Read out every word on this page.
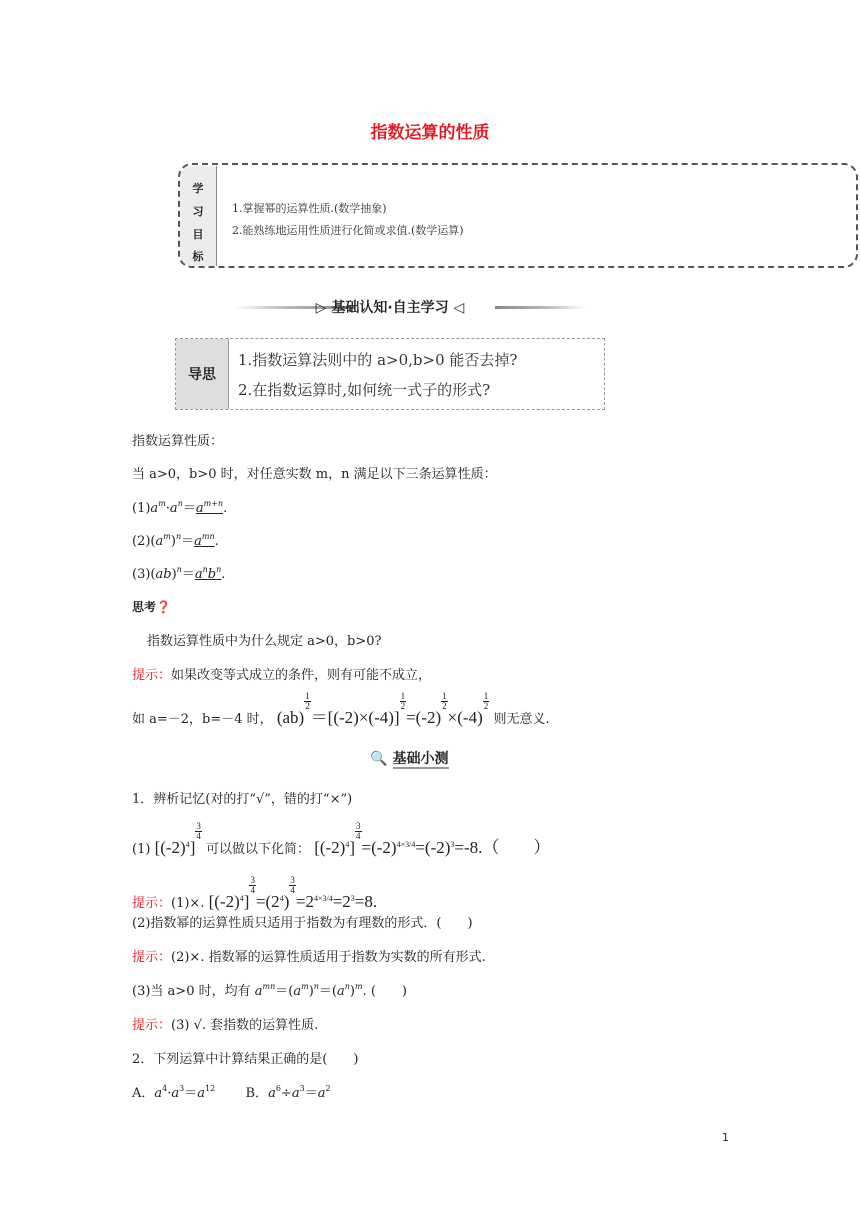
指数运算的性质
学
习
目
标
1.掌握幂的运算性质.(数学抽象)
2.能熟练地运用性质进行化简或求值.(数学运算)
▷ 基础认知·自主学习 ◁
导思
1.指数运算法则中的 a>0,b>0 能否去掉?
2.在指数运算时,如何统一式子的形式?
指数运算性质：
当 a>0，b>0 时，对任意实数 m，n 满足以下三条运算性质：
$(1)a^m\cdot a^n=a^{m+n}$.
$(2)(a^m)^n=a^{mn}$.
$(3)(ab)^n=a^nb^n$.
思考❓
指数运算性质中为什么规定 a>0，b>0?
提示：如果改变等式成立的条件，则有可能不成立，
如 a=－2，b=－4 时， (ab)
$\frac{1}{2}$
＝[(-2)×(-4)]
$\frac{1}{2}$
=(-2)
$\frac{1}{2}$
×(-4)
$\frac{1}{2}$
则无意义.
🔍 基础小测
1．辨析记忆(对的打“√”，错的打“×”)
(1) $[(-2)^4]$
$\frac{3}{4}$
可以做以下化简： $[(-2)^4]$
$\frac{3}{4}$
$=(-2)^{4\times 3/4}=(-2)^3=-8$.（　　）
提示：(1)×. $[(-2)^4]$
$\frac{3}{4}$
$=(2^4)$
$\frac{3}{4}$
$=2^{4\times 3/4}=2^3=8$.
(2)指数幂的运算性质只适用于指数为有理数的形式．(　　)
提示：(2)×. 指数幂的运算性质适用于指数为实数的所有形式.
(3)当 a>0 时，均有 $a^{mn}=(a^m)^n=(a^n)^m$. (　　)
提示：(3) √. 套指数的运算性质.
2．下列运算中计算结果正确的是(　　)
A．$a^4\cdot a^3=a^{12}$ B．$a^6\div a^3=a^2$
1
